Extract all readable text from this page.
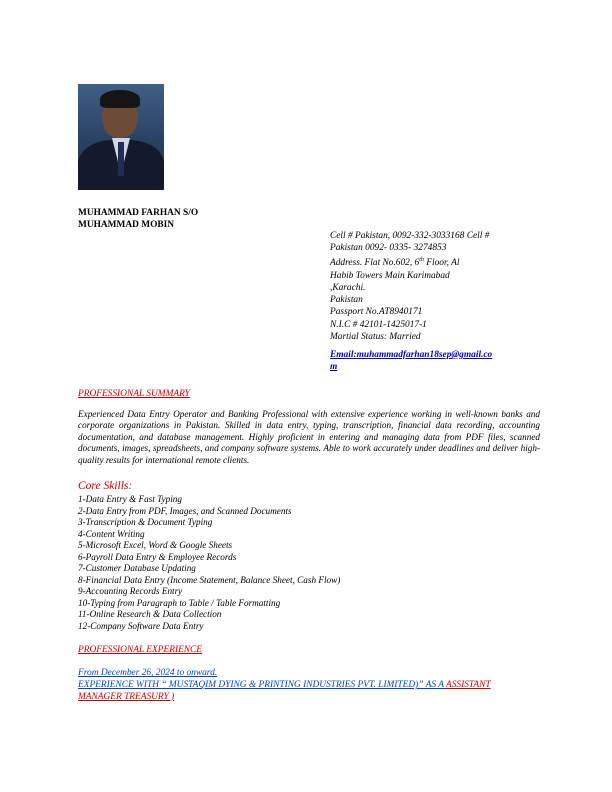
MUHAMMAD FARHAN S/O
MUHAMMAD MOBIN
Cell # Pakistan, 0092-332-3033168 Cell #
Pakistan 0092- 0335- 3274853
Address. Flat No.602, 6th Floor, Al
Habib Towers Main Karimabad
,Karachi.
Pakistan
Passport No.AT8940171
N.I.C # 42101-1425017-1
Martial Status: Married
Email:muhammadfarhan18sep@gmail.co
m
PROFESSIONAL SUMMARY
Experienced Data Entry Operator and Banking Professional with extensive experience working in well-known banks and corporate organizations in Pakistan. Skilled in data entry, typing, transcription, financial data recording, accounting documentation, and database management. Highly proficient in entering and managing data from PDF files, scanned documents, images, spreadsheets, and company software systems. Able to work accurately under deadlines and deliver high-quality results for international remote clients.
Core Skills:
1-Data Entry & Fast Typing
2-Data Entry from PDF, Images, and Scanned Documents
3-Transcription & Document Typing
4-Content Writing
5-Microsoft Excel, Word & Google Sheets
6-Payroll Data Entry & Employee Records
7-Customer Database Updating
8-Financial Data Entry (Income Statement, Balance Sheet, Cash Flow)
9-Accounting Records Entry
10-Typing from Paragraph to Table / Table Formatting
11-Online Research & Data Collection
12-Company Software Data Entry
PROFESSIONAL EXPERIENCE
From December 26, 2024 to onward.
EXPERIENCE WITH “ MUSTAQIM DYING & PRINTING INDUSTRIES PVT. LIMITED)” AS A ASSISTANT
MANAGER TREASURY )
